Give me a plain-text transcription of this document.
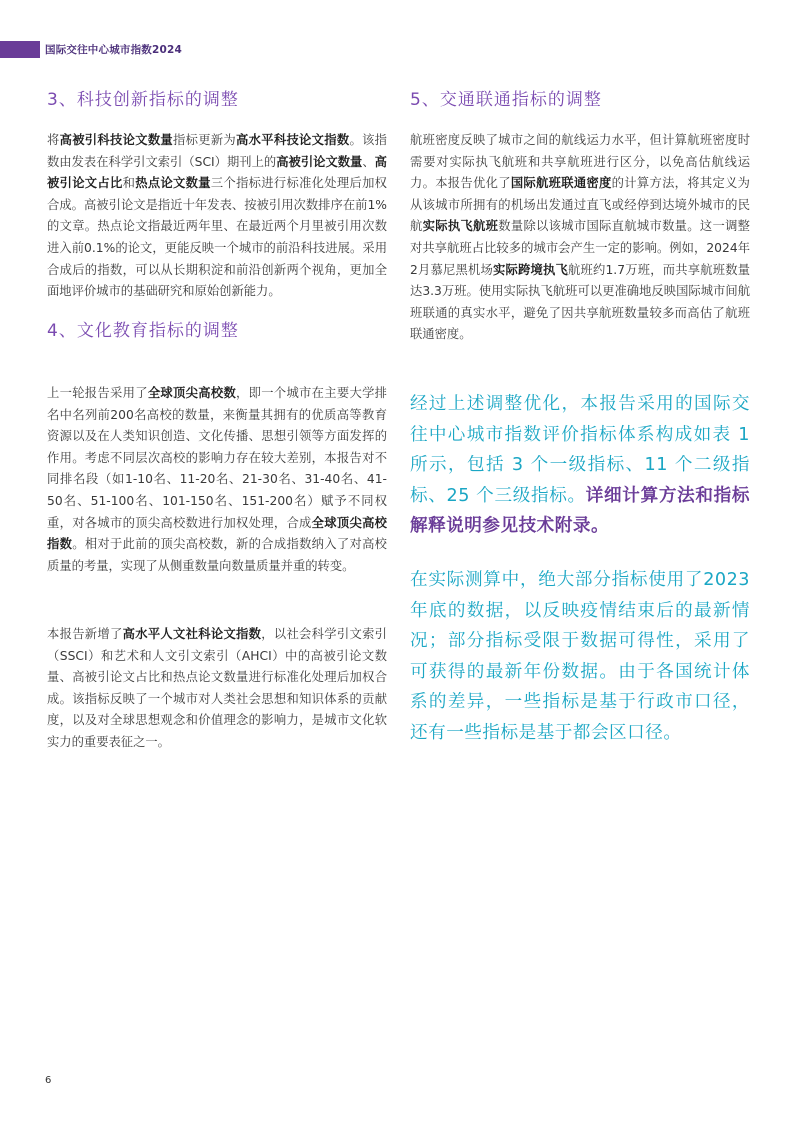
国际交往中心城市指数2024
3、科技创新指标的调整

将高被引科技论文数量指标更新为高水平科技论文指数。该指数由发表在科学引文索引（SCI）期刊上的高被引论文数量、高被引论文占比和热点论文数量三个指标进行标准化处理后加权合成。高被引论文是指近十年发表、按被引用次数排序在前1%的文章。热点论文指最近两年里、在最近两个月里被引用次数进入前0.1%的论文，更能反映一个城市的前沿科技进展。采用合成后的指数，可以从长期积淀和前沿创新两个视角，更加全面地评价城市的基础研究和原始创新能力。

4、文化教育指标的调整

上一轮报告采用了全球顶尖高校数，即一个城市在主要大学排名中名列前200名高校的数量，来衡量其拥有的优质高等教育资源以及在人类知识创造、文化传播、思想引领等方面发挥的作用。考虑不同层次高校的影响力存在较大差别，本报告对不同排名段（如1-10名、11-20名、21-30名、31-40名、41-50名、51-100名、101-150名、151-200名）赋予不同权重，对各城市的顶尖高校数进行加权处理，合成全球顶尖高校指数。相对于此前的顶尖高校数，新的合成指数纳入了对高校质量的考量，实现了从侧重数量向数量质量并重的转变。

本报告新增了高水平人文社科论文指数，以社会科学引文索引（SSCI）和艺术和人文引文索引（AHCI）中的高被引论文数量、高被引论文占比和热点论文数量进行标准化处理后加权合成。该指标反映了一个城市对人类社会思想和知识体系的贡献度，以及对全球思想观念和价值理念的影响力，是城市文化软实力的重要表征之一。

5、交通联通指标的调整

航班密度反映了城市之间的航线运力水平，但计算航班密度时需要对实际执飞航班和共享航班进行区分，以免高估航线运力。本报告优化了国际航班联通密度的计算方法，将其定义为从该城市所拥有的机场出发通过直飞或经停到达境外城市的民航实际执飞航班数量除以该城市国际直航城市数量。这一调整对共享航班占比较多的城市会产生一定的影响。例如，2024年2月慕尼黑机场实际跨境执飞航班约1.7万班，而共享航班数量达3.3万班。使用实际执飞航班可以更准确地反映国际城市间航班联通的真实水平，避免了因共享航班数量较多而高估了航班联通密度。

经过上述调整优化，本报告采用的国际交往中心城市指数评价指标体系构成如表 1 所示，包括 3 个一级指标、11 个二级指标、25 个三级指标。详细计算方法和指标解释说明参见技术附录。

在实际测算中，绝大部分指标使用了2023 年底的数据，以反映疫情结束后的最新情况；部分指标受限于数据可得性，采用了可获得的最新年份数据。由于各国统计体系的差异，一些指标是基于行政市口径，还有一些指标是基于都会区口径。

6
